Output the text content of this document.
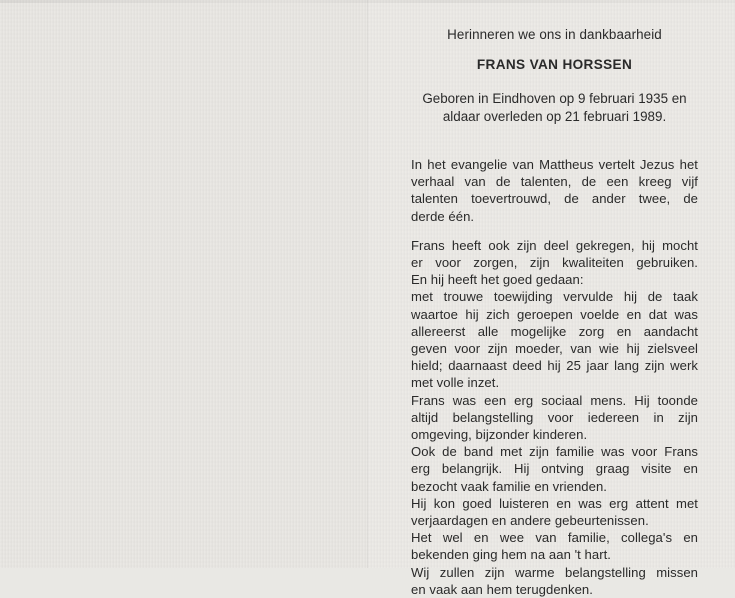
Herinneren we ons in dankbaarheid
FRANS VAN HORSSEN
Geboren in Eindhoven op 9 februari 1935 en
aldaar overleden op 21 februari 1989.
In het evangelie van Mattheus vertelt Jezus het
verhaal van de talenten, de een kreeg vijf
talenten toevertrouwd, de ander twee, de
derde één.
Frans heeft ook zijn deel gekregen, hij mocht
er voor zorgen, zijn kwaliteiten gebruiken.
En hij heeft het goed gedaan:
met trouwe toewijding vervulde hij de taak
waartoe hij zich geroepen voelde en dat was
allereerst alle mogelijke zorg en aandacht
geven voor zijn moeder, van wie hij zielsveel
hield; daarnaast deed hij 25 jaar lang zijn werk
met volle inzet.
Frans was een erg sociaal mens. Hij toonde
altijd belangstelling voor iedereen in zijn
omgeving, bijzonder kinderen.
Ook de band met zijn familie was voor Frans
erg belangrijk. Hij ontving graag visite en
bezocht vaak familie en vrienden.
Hij kon goed luisteren en was erg attent met
verjaardagen en andere gebeurtenissen.
Het wel en wee van familie, collega's en
bekenden ging hem na aan 't hart.
Wij zullen zijn warme belangstelling missen
en vaak aan hem terugdenken.
